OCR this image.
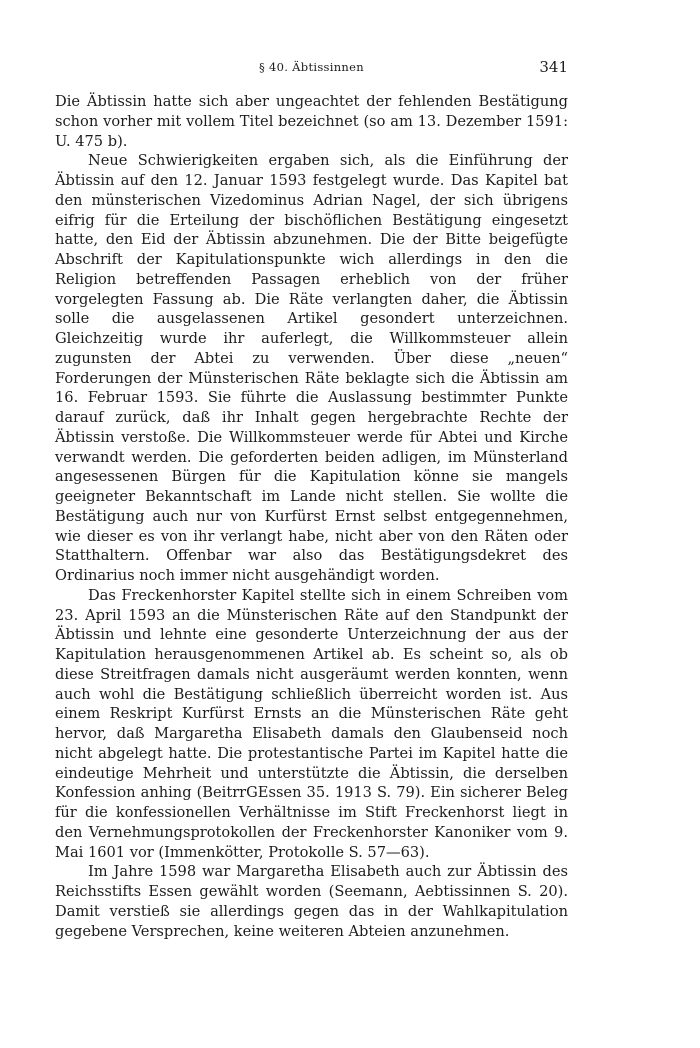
§ 40. Äbtissinnen	341

Die Äbtissin hatte sich aber ungeachtet der fehlenden Bestätigung schon vorher mit vollem Titel bezeichnet (so am 13. Dezember 1591: U. 475 b).

Neue Schwierigkeiten ergaben sich, als die Einführung der Äbtissin auf den 12. Januar 1593 festgelegt wurde. Das Kapitel bat den münsterischen Vizedominus Adrian Nagel, der sich übrigens eifrig für die Erteilung der bischöflichen Bestätigung eingesetzt hatte, den Eid der Äbtissin abzunehmen. Die der Bitte beigefügte Abschrift der Kapitulationspunkte wich allerdings in den die Religion betreffenden Passagen erheblich von der früher vorgelegten Fassung ab. Die Räte verlangten daher, die Äbtissin solle die ausgelassenen Artikel gesondert unterzeichnen. Gleichzeitig wurde ihr auferlegt, die Willkommsteuer allein zugunsten der Abtei zu verwenden. Über diese „neuen“ Forderungen der Münsterischen Räte beklagte sich die Äbtissin am 16. Februar 1593. Sie führte die Auslassung bestimmter Punkte darauf zurück, daß ihr Inhalt gegen hergebrachte Rechte der Äbtissin verstoße. Die Willkommsteuer werde für Abtei und Kirche verwandt werden. Die geforderten beiden adligen, im Münsterland angesessenen Bürgen für die Kapitulation könne sie mangels geeigneter Bekanntschaft im Lande nicht stellen. Sie wollte die Bestätigung auch nur von Kurfürst Ernst selbst entgegennehmen, wie dieser es von ihr verlangt habe, nicht aber von den Räten oder Statthaltern. Offenbar war also das Bestätigungsdekret des Ordinarius noch immer nicht ausgehändigt worden.

Das Freckenhorster Kapitel stellte sich in einem Schreiben vom 23. April 1593 an die Münsterischen Räte auf den Standpunkt der Äbtissin und lehnte eine gesonderte Unterzeichnung der aus der Kapitulation herausgenommenen Artikel ab. Es scheint so, als ob diese Streitfragen damals nicht ausgeräumt werden konnten, wenn auch wohl die Bestätigung schließlich überreicht worden ist. Aus einem Reskript Kurfürst Ernsts an die Münsterischen Räte geht hervor, daß Margaretha Elisabeth damals den Glaubenseid noch nicht abgelegt hatte. Die protestantische Partei im Kapitel hatte die eindeutige Mehrheit und unterstützte die Äbtissin, die derselben Konfession anhing (BeitrrGEssen 35. 1913 S. 79). Ein sicherer Beleg für die konfessionellen Verhältnisse im Stift Freckenhorst liegt in den Vernehmungsprotokollen der Freckenhorster Kanoniker vom 9. Mai 1601 vor (Immenkötter, Protokolle S. 57—63).

Im Jahre 1598 war Margaretha Elisabeth auch zur Äbtissin des Reichsstifts Essen gewählt worden (Seemann, Aebtissinnen S. 20). Damit verstieß sie allerdings gegen das in der Wahlkapitulation gegebene Versprechen, keine weiteren Abteien anzunehmen.
